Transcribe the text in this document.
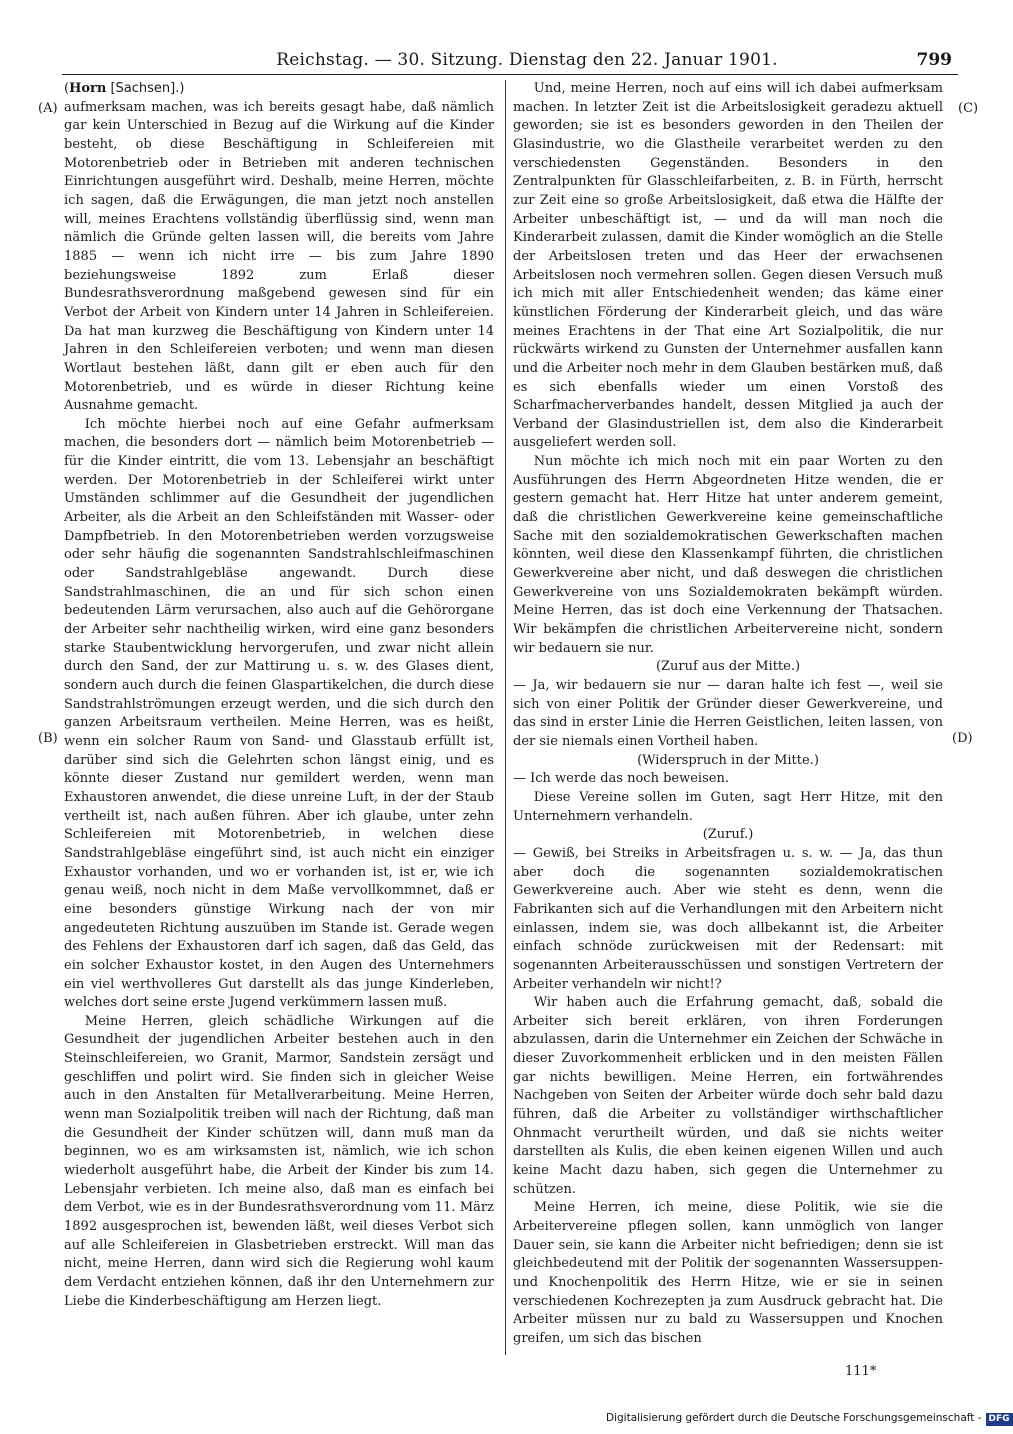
Reichstag. — 30. Sitzung. Dienstag den 22. Januar 1901.	799
(A)
(B)
(C)
(D)

(Horn [Sachsen].)

aufmerksam machen, was ich bereits gesagt habe, daß nämlich gar kein Unterschied in Bezug auf die Wirkung auf die Kinder besteht, ob diese Beschäftigung in Schleifereien mit Motorenbetrieb oder in Betrieben mit anderen technischen Einrichtungen ausgeführt wird. Deshalb, meine Herren, möchte ich sagen, daß die Erwägungen, die man jetzt noch anstellen will, meines Erachtens vollständig überflüssig sind, wenn man nämlich die Gründe gelten lassen will, die bereits vom Jahre 1885 — wenn ich nicht irre — bis zum Jahre 1890 beziehungsweise 1892 zum Erlaß dieser Bundesrathsverordnung maßgebend gewesen sind für ein Verbot der Arbeit von Kindern unter 14 Jahren in Schleifereien. Da hat man kurzweg die Beschäftigung von Kindern unter 14 Jahren in den Schleifereien verboten; und wenn man diesen Wortlaut bestehen läßt, dann gilt er eben auch für den Motorenbetrieb, und es würde in dieser Richtung keine Ausnahme gemacht.

Ich möchte hierbei noch auf eine Gefahr aufmerksam machen, die besonders dort — nämlich beim Motorenbetrieb — für die Kinder eintritt, die vom 13. Lebensjahr an beschäftigt werden. Der Motorenbetrieb in der Schleiferei wirkt unter Umständen schlimmer auf die Gesundheit der jugendlichen Arbeiter, als die Arbeit an den Schleifständen mit Wasser- oder Dampfbetrieb. In den Motorenbetrieben werden vorzugsweise oder sehr häufig die sogenannten Sandstrahlschleifmaschinen oder Sandstrahlgebläse angewandt. Durch diese Sandstrahlmaschinen, die an und für sich schon einen bedeutenden Lärm verursachen, also auch auf die Gehörorgane der Arbeiter sehr nachtheilig wirken, wird eine ganz besonders starke Staubentwicklung hervorgerufen, und zwar nicht allein durch den Sand, der zur Mattirung u. s. w. des Glases dient, sondern auch durch die feinen Glaspartikelchen, die durch diese Sandstrahlströmungen erzeugt werden, und die sich durch den ganzen Arbeitsraum vertheilen. Meine Herren, was es heißt, wenn ein solcher Raum von Sand- und Glasstaub erfüllt ist, darüber sind sich die Gelehrten schon längst einig, und es könnte dieser Zustand nur gemildert werden, wenn man Exhaustoren anwendet, die diese unreine Luft, in der der Staub vertheilt ist, nach außen führen. Aber ich glaube, unter zehn Schleifereien mit Motorenbetrieb, in welchen diese Sandstrahlgebläse eingeführt sind, ist auch nicht ein einziger Exhaustor vorhanden, und wo er vorhanden ist, ist er, wie ich genau weiß, noch nicht in dem Maße vervollkommnet, daß er eine besonders günstige Wirkung nach der von mir angedeuteten Richtung auszuüben im Stande ist. Gerade wegen des Fehlens der Exhaustoren darf ich sagen, daß das Geld, das ein solcher Exhaustor kostet, in den Augen des Unternehmers ein viel werthvolleres Gut darstellt als das junge Kinderleben, welches dort seine erste Jugend verkümmern lassen muß.

Meine Herren, gleich schädliche Wirkungen auf die Gesundheit der jugendlichen Arbeiter bestehen auch in den Steinschleifereien, wo Granit, Marmor, Sandstein zersägt und geschliffen und polirt wird. Sie finden sich in gleicher Weise auch in den Anstalten für Metallverarbeitung. Meine Herren, wenn man Sozialpolitik treiben will nach der Richtung, daß man die Gesundheit der Kinder schützen will, dann muß man da beginnen, wo es am wirksamsten ist, nämlich, wie ich schon wiederholt ausgeführt habe, die Arbeit der Kinder bis zum 14. Lebensjahr verbieten. Ich meine also, daß man es einfach bei dem Verbot, wie es in der Bundesrathsverordnung vom 11. März 1892 ausgesprochen ist, bewenden läßt, weil dieses Verbot sich auf alle Schleifereien in Glasbetrieben erstreckt. Will man das nicht, meine Herren, dann wird sich die Regierung wohl kaum dem Verdacht entziehen können, daß ihr den Unternehmern zur Liebe die Kinderbeschäftigung am Herzen liegt.

Und, meine Herren, noch auf eins will ich dabei aufmerksam machen. In letzter Zeit ist die Arbeitslosigkeit geradezu aktuell geworden; sie ist es besonders geworden in den Theilen der Glasindustrie, wo die Glastheile verarbeitet werden zu den verschiedensten Gegenständen. Besonders in den Zentralpunkten für Glasschleifarbeiten, z. B. in Fürth, herrscht zur Zeit eine so große Arbeitslosigkeit, daß etwa die Hälfte der Arbeiter unbeschäftigt ist, — und da will man noch die Kinderarbeit zulassen, damit die Kinder womöglich an die Stelle der Arbeitslosen treten und das Heer der erwachsenen Arbeitslosen noch vermehren sollen. Gegen diesen Versuch muß ich mich mit aller Entschiedenheit wenden; das käme einer künstlichen Förderung der Kinderarbeit gleich, und das wäre meines Erachtens in der That eine Art Sozialpolitik, die nur rückwärts wirkend zu Gunsten der Unternehmer ausfallen kann und die Arbeiter noch mehr in dem Glauben bestärken muß, daß es sich ebenfalls wieder um einen Vorstoß des Scharfmacherverbandes handelt, dessen Mitglied ja auch der Verband der Glasindustriellen ist, dem also die Kinderarbeit ausgeliefert werden soll.

Nun möchte ich mich noch mit ein paar Worten zu den Ausführungen des Herrn Abgeordneten Hitze wenden, die er gestern gemacht hat. Herr Hitze hat unter anderem gemeint, daß die christlichen Gewerkvereine keine gemeinschaftliche Sache mit den sozialdemokratischen Gewerkschaften machen könnten, weil diese den Klassenkampf führten, die christlichen Gewerkvereine aber nicht, und daß deswegen die christlichen Gewerkvereine von uns Sozialdemokraten bekämpft würden. Meine Herren, das ist doch eine Verkennung der Thatsachen. Wir bekämpfen die christlichen Arbeitervereine nicht, sondern wir bedauern sie nur.

(Zuruf aus der Mitte.)

— Ja, wir bedauern sie nur — daran halte ich fest —, weil sie sich von einer Politik der Gründer dieser Gewerkvereine, und das sind in erster Linie die Herren Geistlichen, leiten lassen, von der sie niemals einen Vortheil haben.

(Widerspruch in der Mitte.)

— Ich werde das noch beweisen.

Diese Vereine sollen im Guten, sagt Herr Hitze, mit den Unternehmern verhandeln.

(Zuruf.)

— Gewiß, bei Streiks in Arbeitsfragen u. s. w. — Ja, das thun aber doch die sogenannten sozialdemokratischen Gewerkvereine auch. Aber wie steht es denn, wenn die Fabrikanten sich auf die Verhandlungen mit den Arbeitern nicht einlassen, indem sie, was doch allbekannt ist, die Arbeiter einfach schnöde zurückweisen mit der Redensart: mit sogenannten Arbeiterausschüssen und sonstigen Vertretern der Arbeiter verhandeln wir nicht!?

Wir haben auch die Erfahrung gemacht, daß, sobald die Arbeiter sich bereit erklären, von ihren Forderungen abzulassen, darin die Unternehmer ein Zeichen der Schwäche in dieser Zuvorkommenheit erblicken und in den meisten Fällen gar nichts bewilligen. Meine Herren, ein fortwährendes Nachgeben von Seiten der Arbeiter würde doch sehr bald dazu führen, daß die Arbeiter zu vollständiger wirthschaftlicher Ohnmacht verurtheilt würden, und daß sie nichts weiter darstellten als Kulis, die eben keinen eigenen Willen und auch keine Macht dazu haben, sich gegen die Unternehmer zu schützen.

Meine Herren, ich meine, diese Politik, wie sie die Arbeitervereine pflegen sollen, kann unmöglich von langer Dauer sein, sie kann die Arbeiter nicht befriedigen; denn sie ist gleichbedeutend mit der Politik der sogenannten Wassersuppen- und Knochenpolitik des Herrn Hitze, wie er sie in seinen verschiedenen Kochrezepten ja zum Ausdruck gebracht hat. Die Arbeiter müssen nur zu bald zu Wassersuppen und Knochen greifen, um sich das bischen

111*
Digitalisierung gefördert durch die Deutsche Forschungsgemeinschaft - DFG
